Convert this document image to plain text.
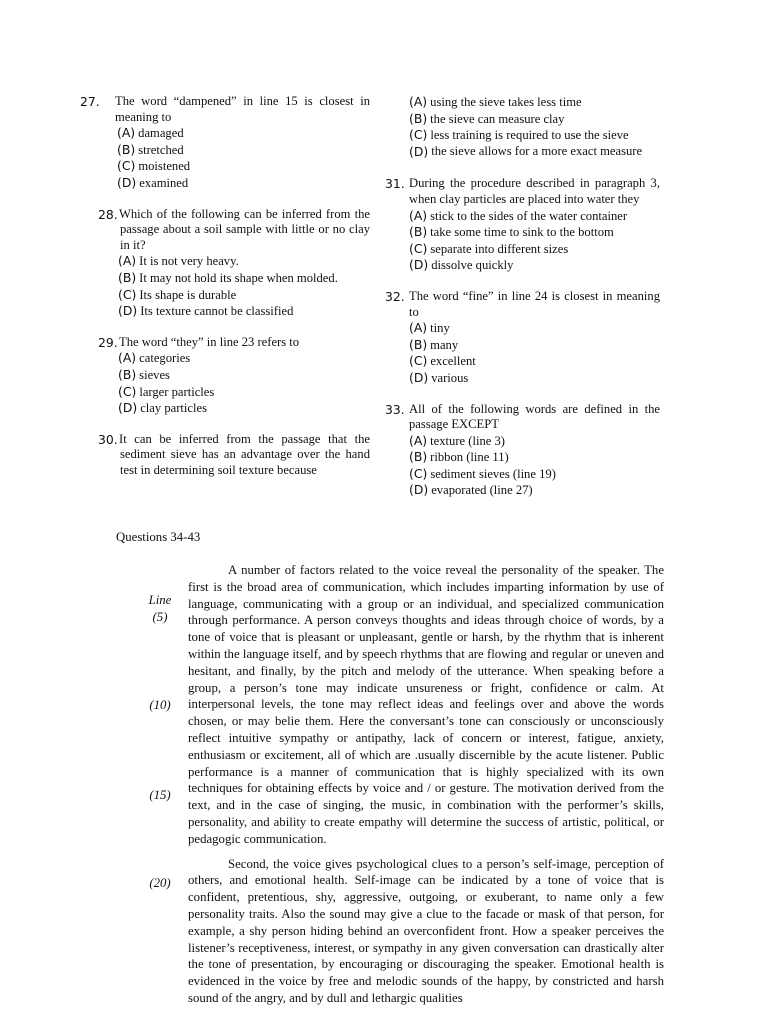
27.	The word “dampened” in line 15 is closest in meaning to
(A) damaged
(B) stretched
(C) moistened
(D) examined
28. Which of the following can be inferred from the passage about a soil sample with little or no clay in it?
(A) It is not very heavy.
(B) It may not hold its shape when molded.
(C) Its shape is durable
(D) Its texture cannot be classified
29. The word “they” in line 23 refers to
(A) categories
(B) sieves
(C) larger particles
(D) clay particles
30. It can be inferred from the passage that the sediment sieve has an advantage over the hand test in determining soil texture because
(A) using the sieve takes less time
(B) the sieve can measure clay
(C) less training is required to use the sieve
(D) the sieve allows for a more exact measure
31. During the procedure described in paragraph 3, when clay particles are placed into water they
(A) stick to the sides of the water container
(B) take some time to sink to the bottom
(C) separate into different sizes
(D) dissolve quickly
32. The word “fine” in line 24 is closest in meaning to
(A) tiny
(B) many
(C) excellent
(D) various
33. All of the following words are defined in the passage EXCEPT
(A) texture (line 3)
(B) ribbon (line 11)
(C) sediment sieves (line 19)
(D) evaporated (line 27)
Questions 34-43
Line
(5)
(10)
(15)
(20)

A number of factors related to the voice reveal the personality of the speaker. The first is the broad area of communication, which includes imparting information by use of language, communicating with a group or an individual, and specialized communication through performance. A person conveys thoughts and ideas through choice of words, by a tone of voice that is pleasant or unpleasant, gentle or harsh, by the rhythm that is inherent within the language itself, and by speech rhythms that are flowing and regular or uneven and hesitant, and finally, by the pitch and melody of the utterance. When speaking before a group, a person’s tone may indicate unsureness or fright, confidence or calm. At interpersonal levels, the tone may reflect ideas and feelings over and above the words chosen, or may belie them. Here the conversant’s tone can consciously or unconsciously reflect intuitive sympathy or antipathy, lack of concern or interest, fatigue, anxiety, enthusiasm or excitement, all of which are .usually discernible by the acute listener. Public performance is a manner of communication that is highly specialized with its own techniques for obtaining effects by voice and / or gesture. The motivation derived from the text, and in the case of singing, the music, in combination with the performer’s skills, personality, and ability to create empathy will determine the success of artistic, political, or pedagogic communication.

Second, the voice gives psychological clues to a person’s self-image, perception of others, and emotional health. Self-image can be indicated by a tone of voice that is confident, pretentious, shy, aggressive, outgoing, or exuberant, to name only a few personality traits. Also the sound may give a clue to the facade or mask of that person, for example, a shy person hiding behind an overconfident front. How a speaker perceives the listener’s receptiveness, interest, or sympathy in any given conversation can drastically alter the tone of presentation, by encouraging or discouraging the speaker. Emotional health is evidenced in the voice by free and melodic sounds of the happy, by constricted and harsh sound of the angry, and by dull and lethargic qualities
